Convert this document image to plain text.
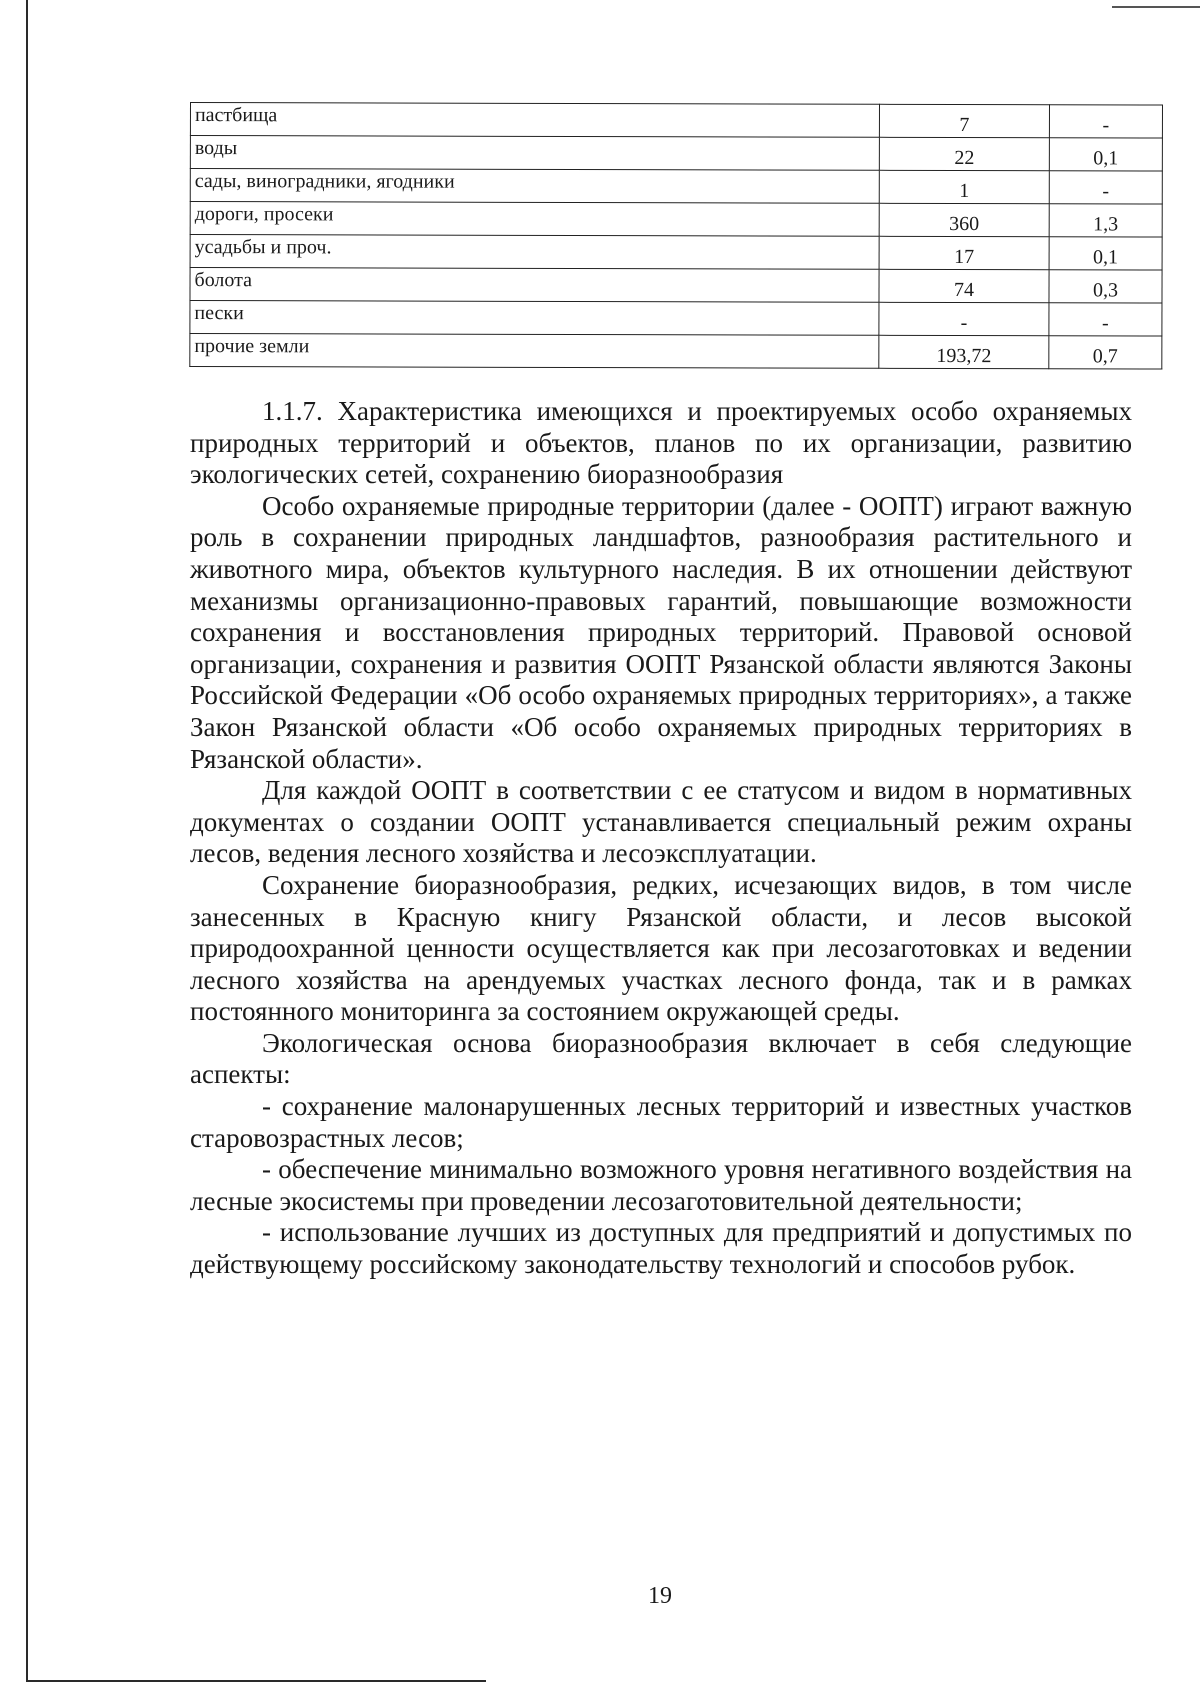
пастбища	7	-
воды	22	0,1
сады, виноградники, ягодники	1	-
дороги, просеки	360	1,3
усадьбы и проч.	17	0,1
болота	74	0,3
пески	-	-
прочие земли	193,72	0,7

1.1.7. Характеристика имеющихся и проектируемых особо охраняемых природных территорий и объектов, планов по их организации, развитию экологических сетей, сохранению биоразнообразия

Особо охраняемые природные территории (далее - ООПТ) играют важную роль в сохранении природных ландшафтов, разнообразия растительного и животного мира, объектов культурного наследия. В их отношении действуют механизмы организационно-правовых гарантий, повышающие возможности сохранения и восстановления природных территорий. Правовой основой организации, сохранения и развития ООПТ Рязанской области являются Законы Российской Федерации «Об особо охраняемых природных территориях», а также Закон Рязанской области «Об особо охраняемых природных территориях в Рязанской области».

Для каждой ООПТ в соответствии с ее статусом и видом в нормативных документах о создании ООПТ устанавливается специальный режим охраны лесов, ведения лесного хозяйства и лесоэксплуатации.

Сохранение биоразнообразия, редких, исчезающих видов, в том числе занесенных в Красную книгу Рязанской области, и лесов высокой природоохранной ценности осуществляется как при лесозаготовках и ведении лесного хозяйства на арендуемых участках лесного фонда, так и в рамках постоянного мониторинга за состоянием окружающей среды.

Экологическая основа биоразнообразия включает в себя следующие аспекты:

- сохранение малонарушенных лесных территорий и известных участков старовозрастных лесов;

- обеспечение минимально возможного уровня негативного воздействия на лесные экосистемы при проведении лесозаготовительной деятельности;

- использование лучших из доступных для предприятий и допустимых по действующему российскому законодательству технологий и способов рубок.

19
